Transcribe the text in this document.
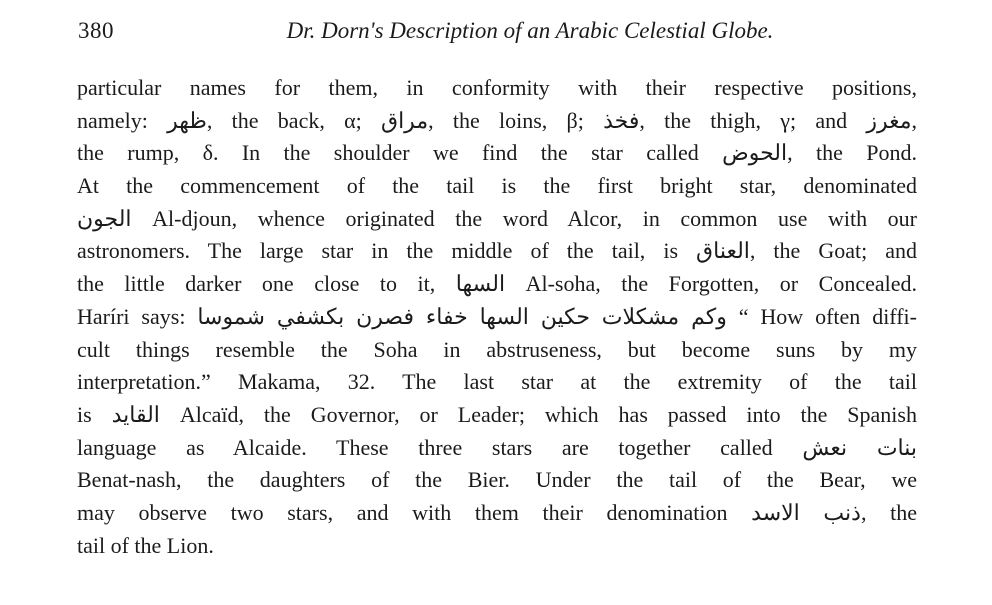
380	Dr. Dorn's Description of an Arabic Celestial Globe.
particular names for them, in conformity with their respective positions,
namely: ظهر, the back, α; مراق, the loins, β; فخذ, the thigh, γ; and مغرز,
the rump, δ. In the shoulder we find the star called الحوض, the Pond.
At the commencement of the tail is the first bright star, denominated
الجون Al-djoun, whence originated the word Alcor, in common use with our
astronomers. The large star in the middle of the tail, is العناق, the Goat; and
the little darker one close to it, السها Al-soha, the Forgotten, or Concealed.
Haríri says: وكم مشكلات حكين السها خفاء فصرن بكشفي شموسا “ How often diffi-
cult things resemble the Soha in abstruseness, but become suns by my
interpretation.” Makama, 32. The last star at the extremity of the tail
is القايد Alcaïd, the Governor, or Leader; which has passed into the Spanish
language as Alcaide. These three stars are together called بنات نعش
Benat-nash, the daughters of the Bier. Under the tail of the Bear, we
may observe two stars, and with them their denomination ذنب الاسد, the
tail of the Lion.
